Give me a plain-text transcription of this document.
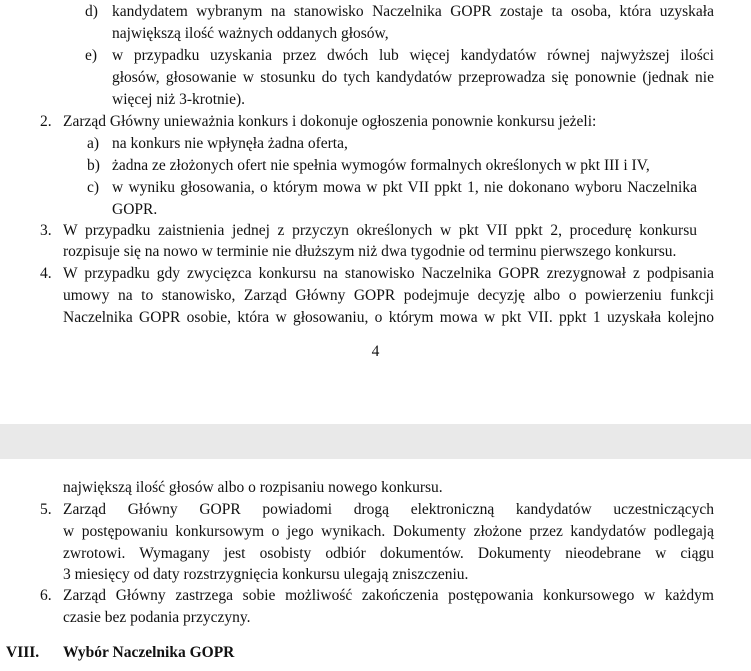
d) kandydatem wybranym na stanowisko Naczelnika GOPR zostaje ta osoba, która uzyskała
największą ilość ważnych oddanych głosów,
e) w przypadku uzyskania przez dwóch lub więcej kandydatów równej najwyższej ilości
głosów, głosowanie w stosunku do tych kandydatów przeprowadza się ponownie (jednak nie
więcej niż 3-krotnie).
2. Zarząd Główny unieważnia konkurs i dokonuje ogłoszenia ponownie konkursu jeżeli:
a) na konkurs nie wpłynęła żadna oferta,
b) żadna ze złożonych ofert nie spełnia wymogów formalnych określonych w pkt III i IV,
c) w wyniku głosowania, o którym mowa w pkt VII ppkt 1, nie dokonano wyboru Naczelnika
GOPR.
3. W przypadku zaistnienia jednej z przyczyn określonych w pkt VII ppkt 2, procedurę konkursu
rozpisuje się na nowo w terminie nie dłuższym niż dwa tygodnie od terminu pierwszego konkursu.
4. W przypadku gdy zwycięzca konkursu na stanowisko Naczelnika GOPR zrezygnował z podpisania
umowy na to stanowisko, Zarząd Główny GOPR podejmuje decyzję albo o powierzeniu funkcji
Naczelnika GOPR osobie, która w głosowaniu, o którym mowa w pkt VII. ppkt 1 uzyskała kolejno
4
największą ilość głosów albo o rozpisaniu nowego konkursu.
5. Zarząd Główny GOPR powiadomi drogą elektroniczną kandydatów uczestniczących
w postępowaniu konkursowym o jego wynikach. Dokumenty złożone przez kandydatów podlegają
zwrotowi. Wymagany jest osobisty odbiór dokumentów. Dokumenty nieodebrane w ciągu
3 miesięcy od daty rozstrzygnięcia konkursu ulegają zniszczeniu.
6. Zarząd Główny zastrzega sobie możliwość zakończenia postępowania konkursowego w każdym
czasie bez podania przyczyny.
VIII. Wybór Naczelnika GOPR
